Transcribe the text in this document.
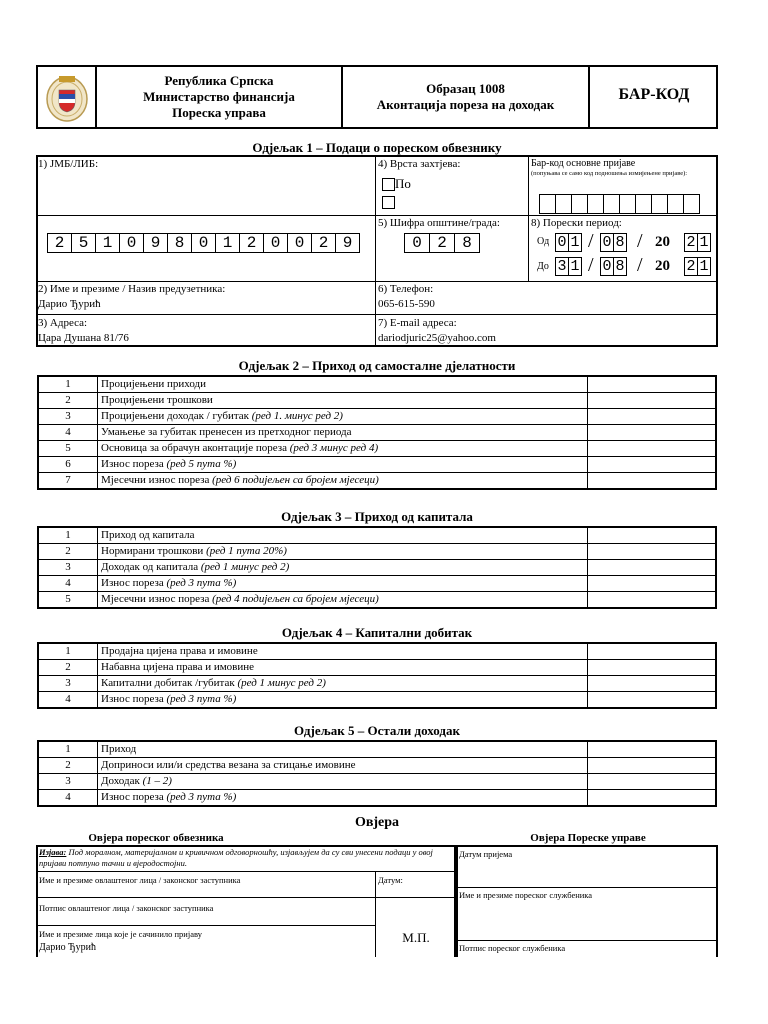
Република Српска
Министарство финансија
Пореска управа
Образац 1008
Аконтација пореза на доходак
БАР-КОД
Одјељак 1 – Подаци о пореском обвезнику
1) ЈМБ/ЛИБ:
2 5 1 0 9 8 0 1 2 0 0 2 9
4) Врста захтјева:
По
Бар-код основне пријаве
(попуњава се само код подношења измијењене пријаве):
5) Шифра општине/града:
0 2 8
8) Порески период:
Од 0 1 / 0 8 / 20 2 1
До 3 1 / 0 8 / 20 2 1
2) Име и презиме / Назив предузетника:
Дарио Ђурић
6) Телефон:
065-615-590
3) Адреса:
Цара Душана 81/76
7) E-mail адреса:
dariodjuric25@yahoo.com
Одјељак 2 – Приход од самосталне дјелатности
1	Процијењени приходи	
2	Процијењени трошкови	
3	Процијењени доходак / губитак (ред 1. минус ред 2)	
4	Умањење за губитак пренесен из претходног периода	
5	Основица за обрачун аконтације пореза (ред 3 минус ред 4)	
6	Износ пореза (ред 5 пута %)	
7	Мјесечни износ пореза (ред 6 подијељен са бројем мјесеци)	
Одјељак 3 – Приход од капитала
1	Приход од капитала	
2	Нормирани трошкови (ред 1 пута 20%)	
3	Доходак од капитала (ред 1 минус ред 2)	
4	Износ пореза (ред 3 пута %)	
5	Мјесечни износ пореза (ред 4 подијељен са бројем мјесеци)	
Одјељак 4 – Капитални добитак
1	Продајна цијена права и имовине	
2	Набавна цијена права и имовине	
3	Капитални добитак /губитак (ред 1 минус ред 2)	
4	Износ пореза (ред 3 пута %)	
Одјељак 5 – Остали доходак
1	Приход	
2	Доприноси или/и средства везана за стицање имовине	
3	Доходак (1 – 2)	
4	Износ пореза (ред 3 пута %)	
Овјера
Овјера пореског обвезника	Овјера Пореске управе
Изјава: Под моралном, материјалном и кривичном одговорношћу, изјављујем да су сви унесени подаци у овој пријави потпуно тачни и вјеродостојни.
Име и презиме овлаштеног лица / законског заступника	Датум:
Потпис овлаштеног лица / законског заступника
Име и презиме лица које је сачинило пријаву
Дарио Ђурић
М.П.
Датум пријема
Име и презиме пореског службеника
Потпис пореског службеника
